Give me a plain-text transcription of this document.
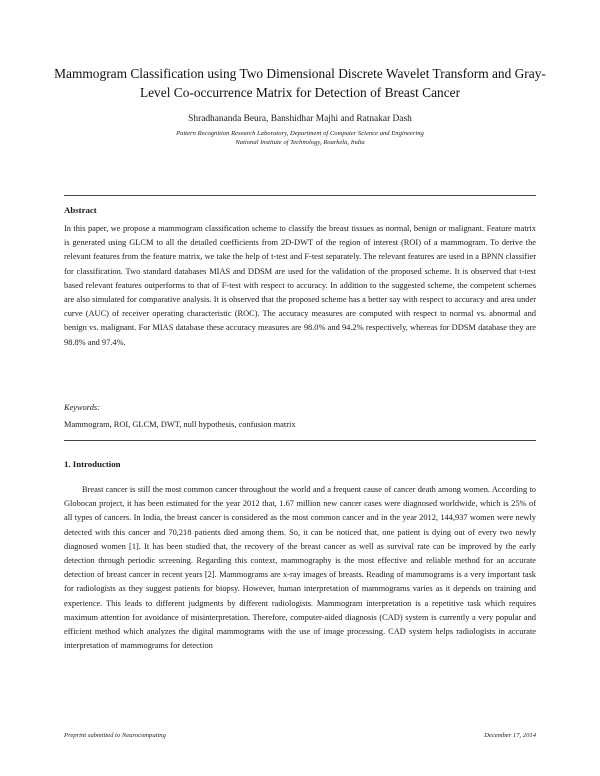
Mammogram Classification using Two Dimensional Discrete Wavelet Transform and Gray-Level Co-occurrence Matrix for Detection of Breast Cancer
Shradhananda Beura, Banshidhar Majhi and Ratnakar Dash
Pattern Recognition Research Laboratory, Department of Computer Science and Engineering
National Institute of Technology, Rourkela, India
Abstract
In this paper, we propose a mammogram classification scheme to classify the breast tissues as normal, benign or malignant. Feature matrix is generated using GLCM to all the detailed coefficients from 2D-DWT of the region of interest (ROI) of a mammogram. To derive the relevant features from the feature matrix, we take the help of t-test and F-test separately. The relevant features are used in a BPNN classifier for classification. Two standard databases MIAS and DDSM are used for the validation of the proposed scheme. It is observed that t-test based relevant features outperforms to that of F-test with respect to accuracy. In addition to the suggested scheme, the competent schemes are also simulated for comparative analysis. It is observed that the proposed scheme has a better say with respect to accuracy and area under curve (AUC) of receiver operating characteristic (ROC). The accuracy measures are computed with respect to normal vs. abnormal and benign vs. malignant. For MIAS database these accuracy measures are 98.0% and 94.2% respectively, whereas for DDSM database they are 98.8% and 97.4%.
Keywords:
Mammogram, ROI, GLCM, DWT, null hypothesis, confusion matrix
1. Introduction
Breast cancer is still the most common cancer throughout the world and a frequent cause of cancer death among women. According to Globocan project, it has been estimated for the year 2012 that, 1.67 million new cancer cases were diagnosed worldwide, which is 25% of all types of cancers. In India, the breast cancer is considered as the most common cancer and in the year 2012, 144,937 women were newly detected with this cancer and 70,218 patients died among them. So, it can be noticed that, one patient is dying out of every two newly diagnosed women [1]. It has been studied that, the recovery of the breast cancer as well as survival rate can be improved by the early detection through periodic screening. Regarding this context, mammography is the most effective and reliable method for an accurate detection of breast cancer in recent years [2]. Mammograms are x-ray images of breasts. Reading of mammograms is a very important task for radiologists as they suggest patients for biopsy. However, human interpretation of mammograms varies as it depends on training and experience. This leads to different judgments by different radiologists. Mammogram interpretation is a repetitive task which requires maximum attention for avoidance of misinterpretation. Therefore, computer-aided diagnosis (CAD) system is currently a very popular and efficient method which analyzes the digital mammograms with the use of image processing. CAD system helps radiologists in accurate interpretation of mammograms for detection
Preprint submitted to Neurocomputing	December 17, 2014
